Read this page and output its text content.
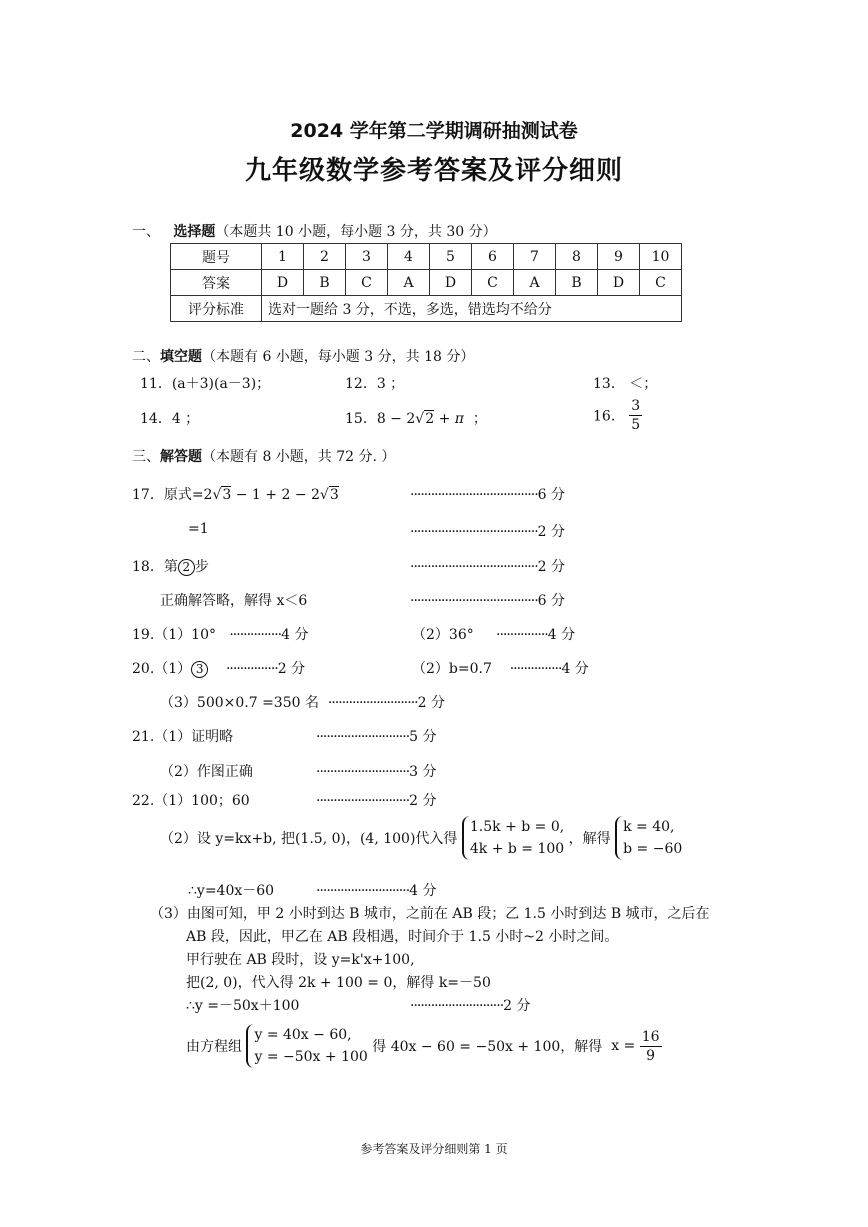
2024 学年第二学期调研抽测试卷
九年级数学参考答案及评分细则
一、 选择题（本题共 10 小题，每小题 3 分，共 30 分）
题号	1	2	3	4	5	6	7	8	9	10
答案	D	B	C	A	D	C	A	B	D	C
评分标准	选对一题给 3 分，不选，多选，错选均不给分									
二、填空题（本题有 6 小题，每小题 3 分，共 18 分）
11．(a＋3)(a－3)；	12．3 ；	13． ＜；
14．4 ；	15．8 − 2√2 + π ；	16． $\frac{3}{5}$
三、解答题（本题有 8 小题，共 72 分. ）
17．原式=2√3 − 1 + 2 − 2√3	·····································6 分
=1	·····································2 分
18．第 2 步	·····································2 分
正确解答略，解得 x＜6	·····································6 分
19.（1）10° ···············4 分	（2）36° ···············4 分
20.（1） 3 ···············2 分	（2）b=0.7 ···············4 分
（3）500×0.7 =350 名 ··························2 分
21.（1）证明略	···························5 分
（2）作图正确	···························3 分
22.（1）100；60	···························2 分
（2）设 y=kx+b, 把(1.5, 0)，(4, 100)代入得
1.5k + b = 0,
4k + b = 100
，解得
k = 40,
b = −60
∴y=40x－60	···························4 分
（3）由图可知，甲 2 小时到达 B 城市，之前在 AB 段；乙 1.5 小时到达 B 城市，之后在
AB 段，因此，甲乙在 AB 段相遇，时间介于 1.5 小时~2 小时之间。
甲行驶在 AB 段时，设 y=k'x+100,
把(2, 0)，代入得 2k + 100 = 0，解得 k=－50
∴y =－50x＋100	···························2 分
由方程组
y = 40x − 60,
y = −50x + 100
得 40x − 60 = −50x + 100，解得 $x = \frac{16}{9}$
参考答案及评分细则第 1 页
